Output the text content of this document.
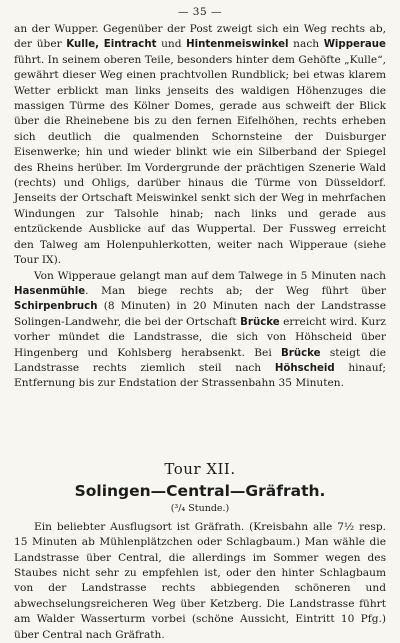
— 35 —

an der Wupper. Gegenüber der Post zweigt sich ein Weg rechts ab, der über Kulle, Eintracht und Hintenmeiswinkel nach Wipperaue führt. In seinem oberen Teile, besonders hinter dem Gehöfte „Kulle“, gewährt dieser Weg einen prachtvollen Rundblick; bei etwas klarem Wetter erblickt man links jenseits des waldigen Höhenzuges die massigen Türme des Kölner Domes, gerade aus schweift der Blick über die Rheinebene bis zu den fernen Eifelhöhen, rechts erheben sich deutlich die qualmenden Schornsteine der Duisburger Eisenwerke; hin und wieder blinkt wie ein Silberband der Spiegel des Rheins herüber. Im Vordergrunde der prächtigen Szenerie Wald (rechts) und Ohligs, darüber hinaus die Türme von Düsseldorf. Jenseits der Ortschaft Meiswinkel senkt sich der Weg in mehrfachen Windungen zur Talsohle hinab; nach links und gerade aus entzückende Ausblicke auf das Wuppertal. Der Fussweg erreicht den Talweg am Holenpuhlerkotten, weiter nach Wipperaue (siehe Tour IX).

Von Wipperaue gelangt man auf dem Talwege in 5 Minuten nach Hasenmühle. Man biege rechts ab; der Weg führt über Schirpenbruch (8 Minuten) in 20 Minuten nach der Landstrasse Solingen-Landwehr, die bei der Ortschaft Brücke erreicht wird. Kurz vorher mündet die Landstrasse, die sich von Höhscheid über Hingenberg und Kohlsberg herabsenkt. Bei Brücke steigt die Landstrasse rechts ziemlich steil nach Höhscheid hinauf; Entfernung bis zur Endstation der Strassenbahn 35 Minuten.

Tour XII.
Solingen—Central—Gräfrath.
(³/₄ Stunde.)

Ein beliebter Ausflugsort ist Gräfrath. (Kreisbahn alle 7½ resp. 15 Minuten ab Mühlenplätzchen oder Schlagbaum.) Man wähle die Landstrasse über Central, die allerdings im Sommer wegen des Staubes nicht sehr zu empfehlen ist, oder den hinter Schlagbaum von der Landstrasse rechts abbiegenden schöneren und abwechselungsreicheren Weg über Ketzberg. Die Landstrasse führt am Walder Wasserturm vorbei (schöne Aussicht, Eintritt 10 Pfg.) über Central nach Gräfrath.
